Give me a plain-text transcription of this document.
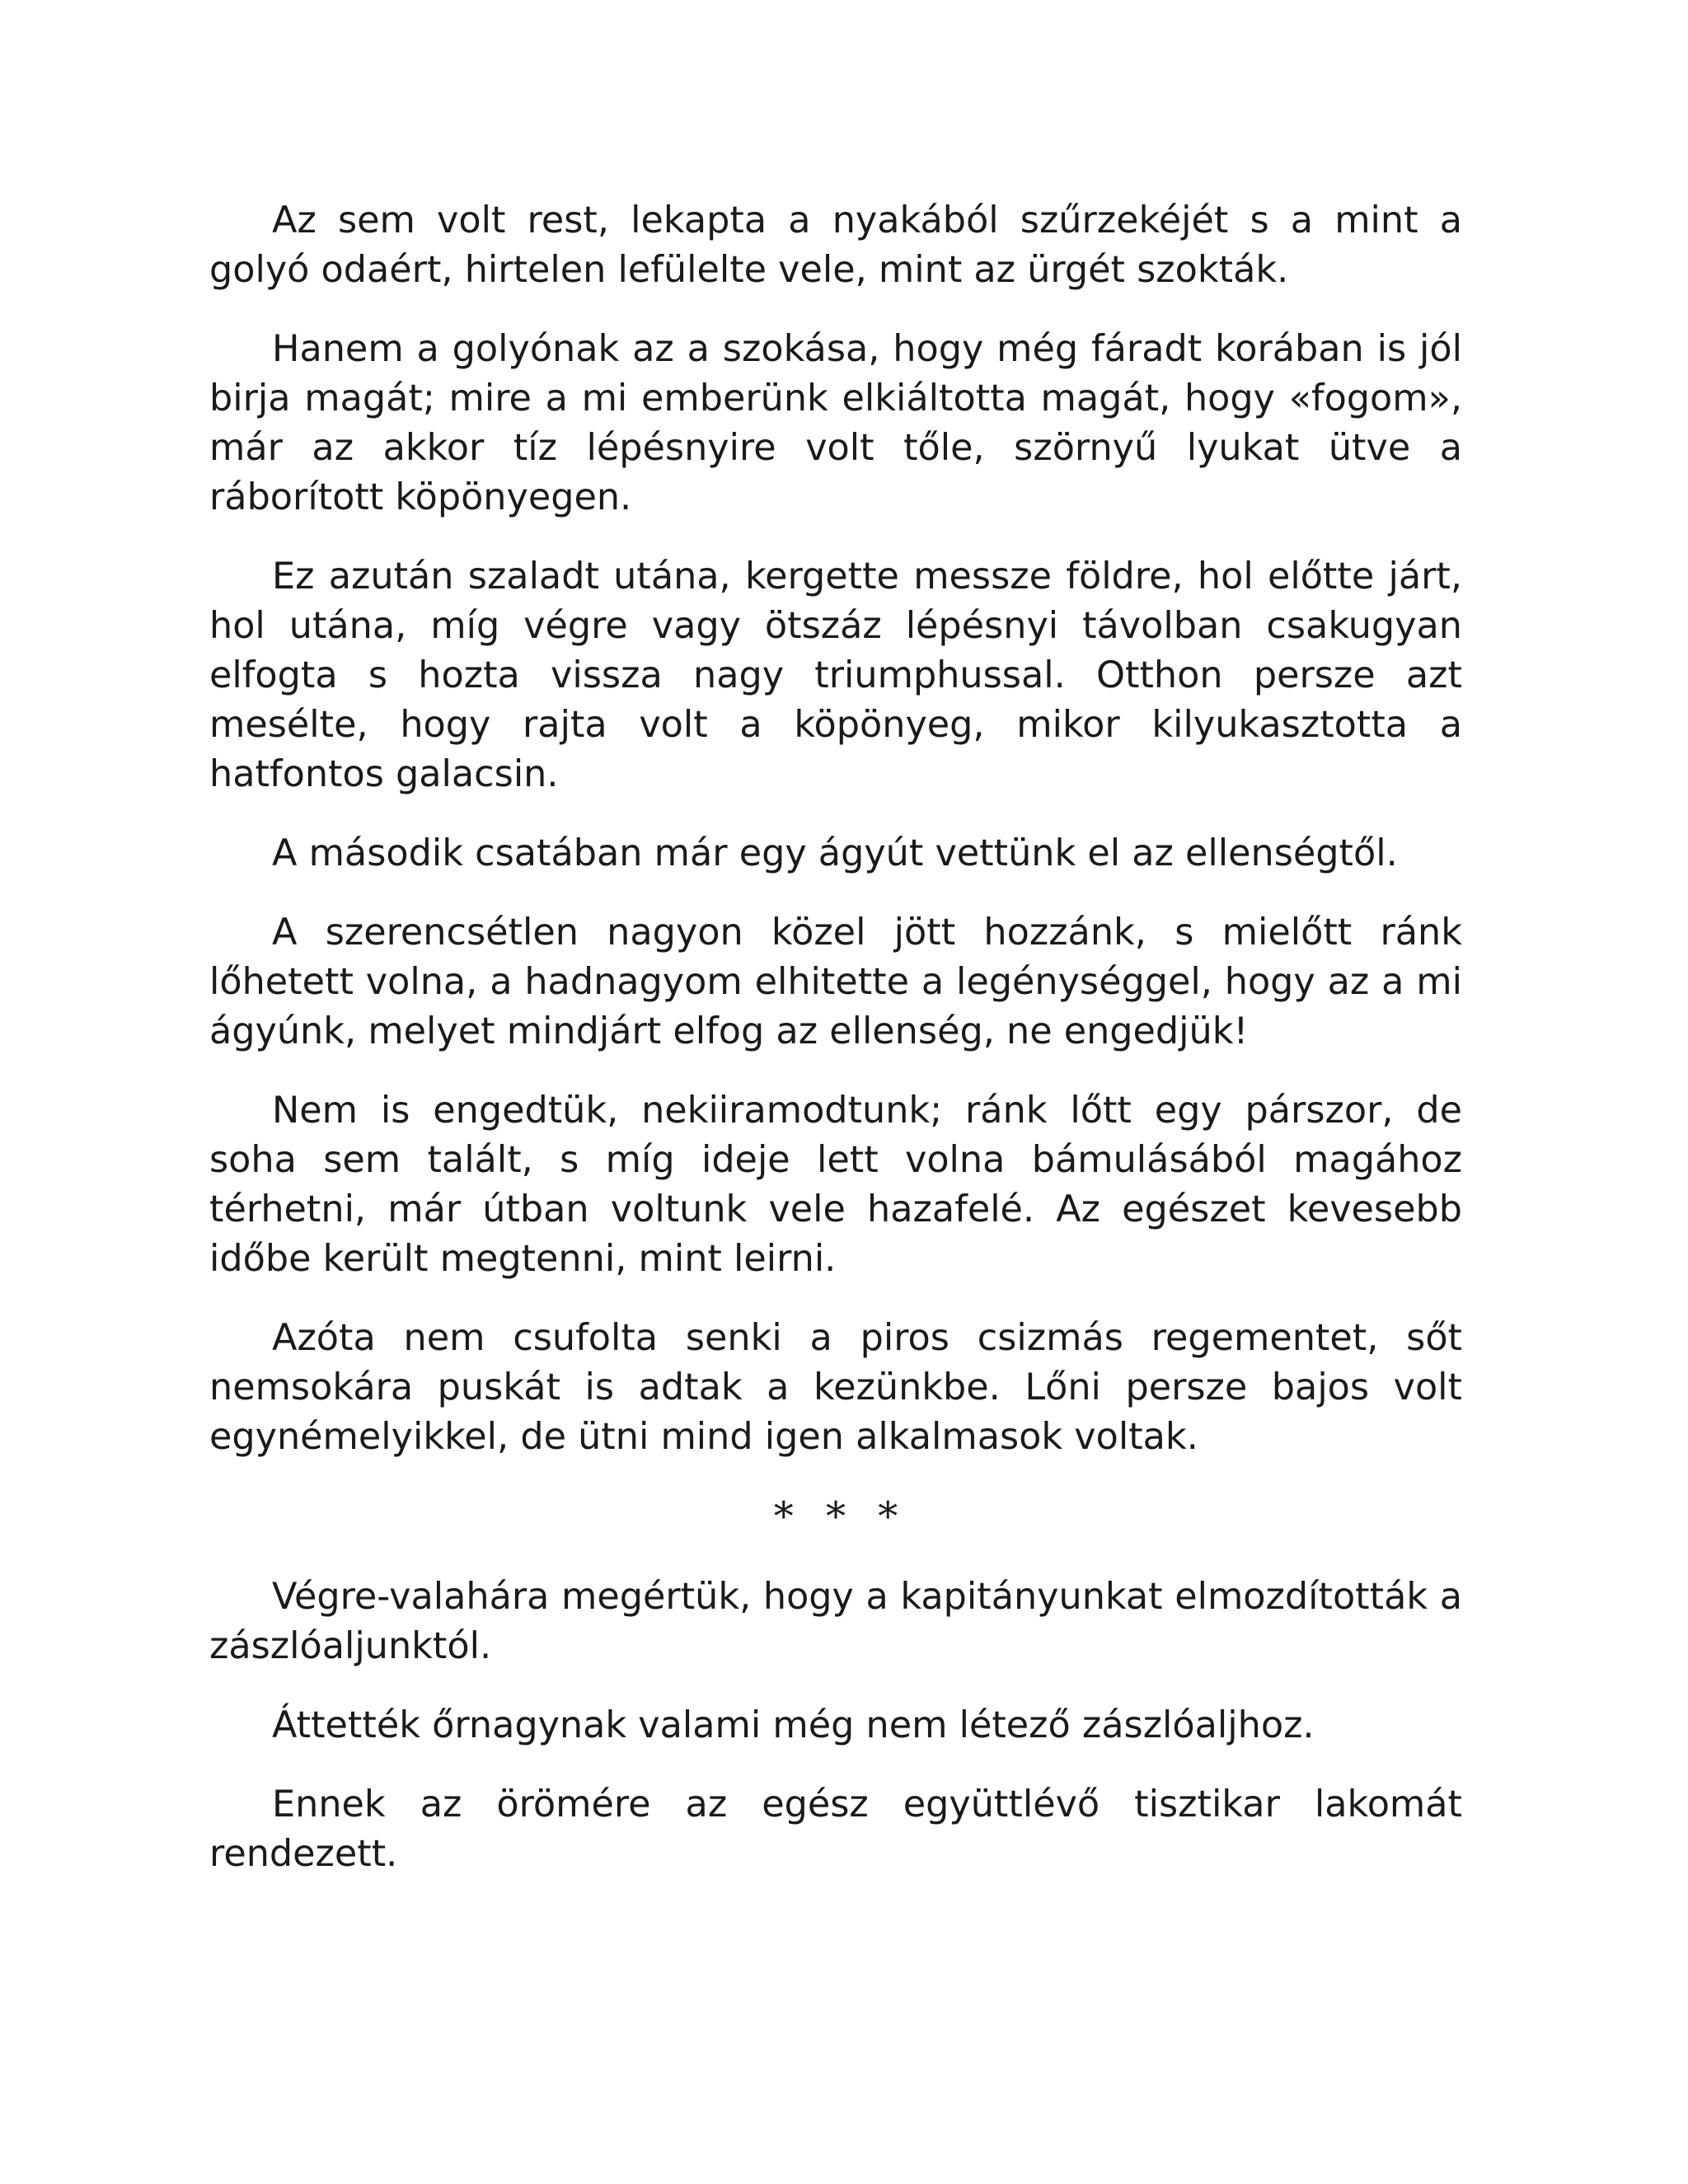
Az sem volt rest, lekapta a nyakából szűrzekéjét s a mint a golyó odaért, hirtelen lefülelte vele, mint az ürgét szokták.

Hanem a golyónak az a szokása, hogy még fáradt korában is jól birja magát; mire a mi emberünk elkiáltotta magát, hogy «fogom», már az akkor tíz lépésnyire volt tőle, szörnyű lyukat ütve a ráborított köpönyegen.

Ez azután szaladt utána, kergette messze földre, hol előtte járt, hol utána, míg végre vagy ötszáz lépésnyi távolban csakugyan elfogta s hozta vissza nagy triumphussal. Otthon persze azt mesélte, hogy rajta volt a köpönyeg, mikor kilyukasztotta a hatfontos galacsin.

A második csatában már egy ágyút vettünk el az ellenségtől.

A szerencsétlen nagyon közel jött hozzánk, s mielőtt ránk lőhetett volna, a hadnagyom elhitette a legénységgel, hogy az a mi ágyúnk, melyet mindjárt elfog az ellenség, ne engedjük!

Nem is engedtük, nekiiramodtunk; ránk lőtt egy párszor, de soha sem talált, s míg ideje lett volna bámulásából magához térhetni, már útban voltunk vele hazafelé. Az egészet kevesebb időbe került megtenni, mint leirni.

Azóta nem csufolta senki a piros csizmás regementet, sőt nemsokára puskát is adtak a kezünkbe. Lőni persze bajos volt egynémelyikkel, de ütni mind igen alkalmasok voltak.

* * *

Végre-valahára megértük, hogy a kapitányunkat elmozdították a zászlóaljunktól.

Áttették őrnagynak valami még nem létező zászlóaljhoz.

Ennek az örömére az egész együttlévő tisztikar lakomát rendezett.
